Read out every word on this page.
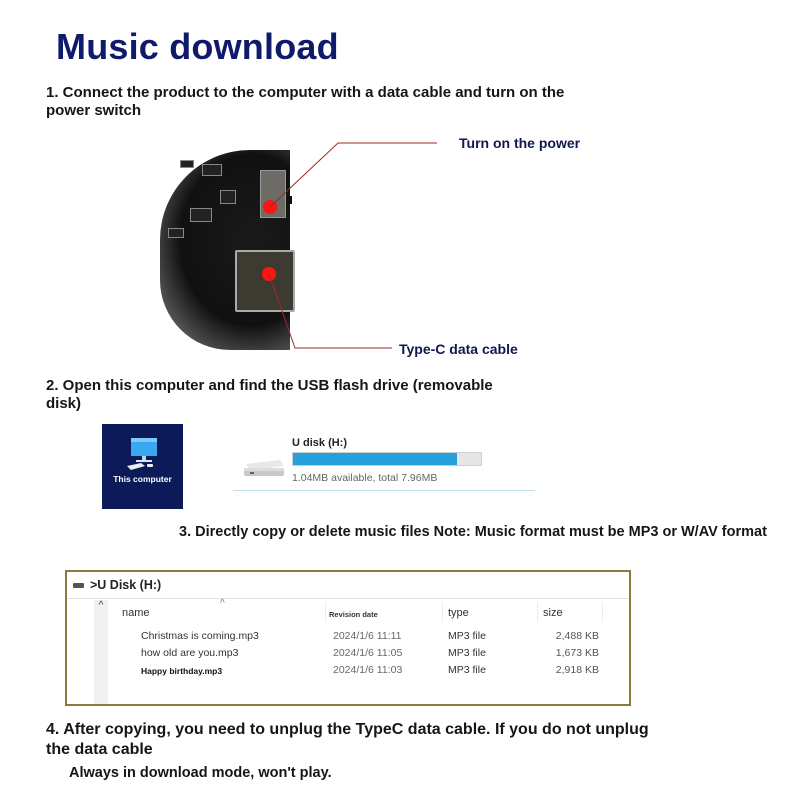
Music download
1. Connect the product to the computer with a data cable and turn on the power switch
Turn on the power
Type-C data cable
2. Open this computer and find the USB flash drive (removable disk)
This computer
U disk (H:)
1.04MB available, total 7.96MB
3. Directly copy or delete music files Note: Music format must be MP3 or W/AV format
>U Disk (H:)
^	^
name	Revision date	type	size
Christmas is coming.mp3	2024/1/6 11:11	MP3 file	2,488 KB
how old are you.mp3	2024/1/6 11:05	MP3 file	1,673 KB
Happy birthday.mp3	2024/1/6 11:03	MP3 file	2,918 KB
4. After copying, you need to unplug the TypeC data cable. If you do not unplug the data cable
Always in download mode, won't play.
